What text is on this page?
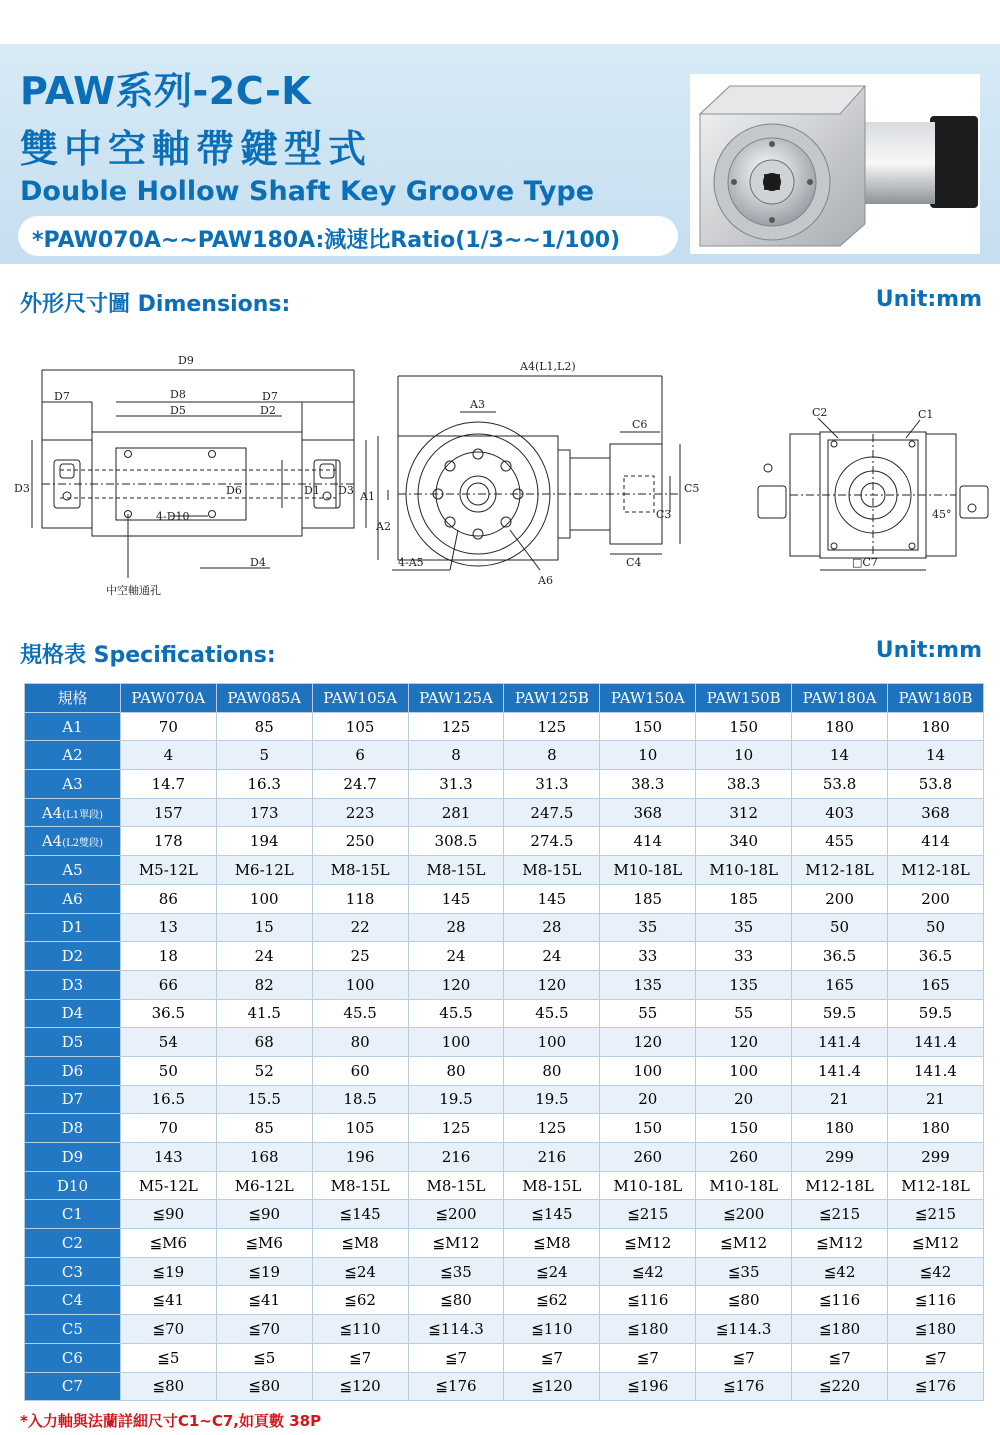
PAW系列-2C-K
雙中空軸帶鍵型式
Double Hollow Shaft Key Groove Type
*PAW070A~~PAW180A:減速比Ratio(1/3~~1/100)
外形尺寸圖 Dimensions:	Unit:mm
D9
D7	D8
D5
D7
D2
D3	D6	D1 D3
4-D10
D4
中空軸通孔
A4(L1,L2)
A3
C6
C5
C3
A1
A2
4-A5	C4
A6
C2	C1
45°
□C7
規格表 Specifications:	Unit:mm
規格	PAW070A	PAW085A	PAW105A	PAW125A	PAW125B	PAW150A	PAW150B	PAW180A	PAW180B
A1	70	85	105	125	125	150	150	180	180
A2	4	5	6	8	8	10	10	14	14
A3	14.7	16.3	24.7	31.3	31.3	38.3	38.3	53.8	53.8
A4(L1單段)	157	173	223	281	247.5	368	312	403	368
A4(L2雙段)	178	194	250	308.5	274.5	414	340	455	414
A5	M5-12L	M6-12L	M8-15L	M8-15L	M8-15L	M10-18L	M10-18L	M12-18L	M12-18L
A6	86	100	118	145	145	185	185	200	200
D1	13	15	22	28	28	35	35	50	50
D2	18	24	25	24	24	33	33	36.5	36.5
D3	66	82	100	120	120	135	135	165	165
D4	36.5	41.5	45.5	45.5	45.5	55	55	59.5	59.5
D5	54	68	80	100	100	120	120	141.4	141.4
D6	50	52	60	80	80	100	100	141.4	141.4
D7	16.5	15.5	18.5	19.5	19.5	20	20	21	21
D8	70	85	105	125	125	150	150	180	180
D9	143	168	196	216	216	260	260	299	299
D10	M5-12L	M6-12L	M8-15L	M8-15L	M8-15L	M10-18L	M10-18L	M12-18L	M12-18L
C1	≦90	≦90	≦145	≦200	≦145	≦215	≦200	≦215	≦215
C2	≦M6	≦M6	≦M8	≦M12	≦M8	≦M12	≦M12	≦M12	≦M12
C3	≦19	≦19	≦24	≦35	≦24	≦42	≦35	≦42	≦42
C4	≦41	≦41	≦62	≦80	≦62	≦116	≦80	≦116	≦116
C5	≦70	≦70	≦110	≦114.3	≦110	≦180	≦114.3	≦180	≦180
C6	≦5	≦5	≦7	≦7	≦7	≦7	≦7	≦7	≦7
C7	≦80	≦80	≦120	≦176	≦120	≦196	≦176	≦220	≦176
*入力軸與法蘭詳細尺寸C1~C7,如頁數 38P
